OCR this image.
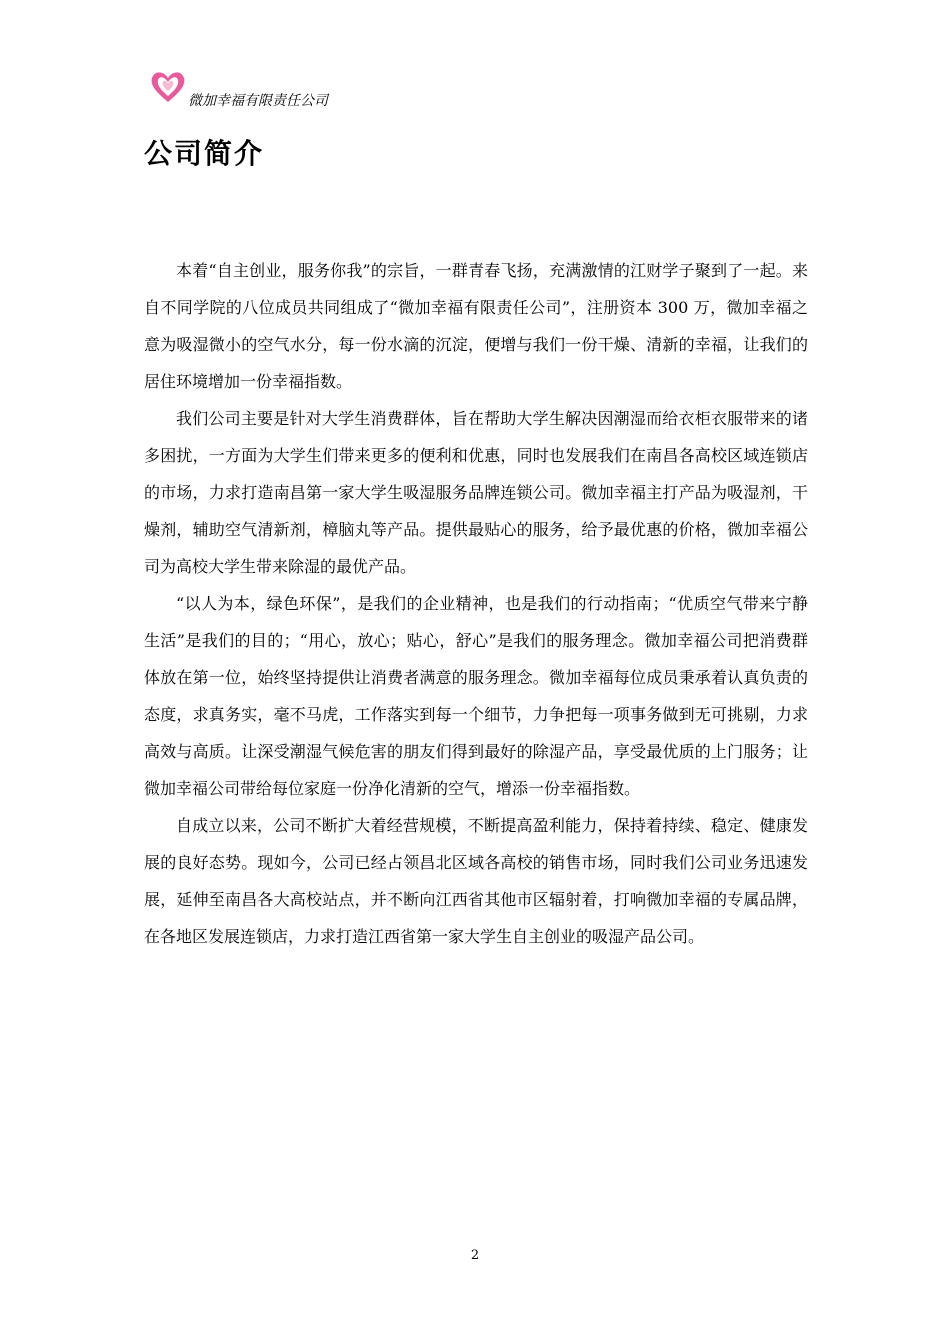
微加幸福有限责任公司
公司简介

本着“自主创业，服务你我”的宗旨，一群青春飞扬，充满激情的江财学子聚到了一起。来自不同学院的八位成员共同组成了“微加幸福有限责任公司”，注册资本 300 万，微加幸福之意为吸湿微小的空气水分，每一份水滴的沉淀，便增与我们一份干燥、清新的幸福，让我们的居住环境增加一份幸福指数。

我们公司主要是针对大学生消费群体，旨在帮助大学生解决因潮湿而给衣柜衣服带来的诸多困扰，一方面为大学生们带来更多的便利和优惠，同时也发展我们在南昌各高校区域连锁店的市场，力求打造南昌第一家大学生吸湿服务品牌连锁公司。微加幸福主打产品为吸湿剂，干燥剂，辅助空气清新剂，樟脑丸等产品。提供最贴心的服务，给予最优惠的价格，微加幸福公司为高校大学生带来除湿的最优产品。

“以人为本，绿色环保”，是我们的企业精神，也是我们的行动指南；“优质空气带来宁静生活”是我们的目的；“用心，放心；贴心，舒心”是我们的服务理念。微加幸福公司把消费群体放在第一位，始终坚持提供让消费者满意的服务理念。微加幸福每位成员秉承着认真负责的态度，求真务实，毫不马虎，工作落实到每一个细节，力争把每一项事务做到无可挑剔，力求高效与高质。让深受潮湿气候危害的朋友们得到最好的除湿产品，享受最优质的上门服务；让微加幸福公司带给每位家庭一份净化清新的空气，增添一份幸福指数。

自成立以来，公司不断扩大着经营规模，不断提高盈利能力，保持着持续、稳定、健康发展的良好态势。现如今，公司已经占领昌北区域各高校的销售市场，同时我们公司业务迅速发展，延伸至南昌各大高校站点，并不断向江西省其他市区辐射着，打响微加幸福的专属品牌，在各地区发展连锁店，力求打造江西省第一家大学生自主创业的吸湿产品公司。

2
